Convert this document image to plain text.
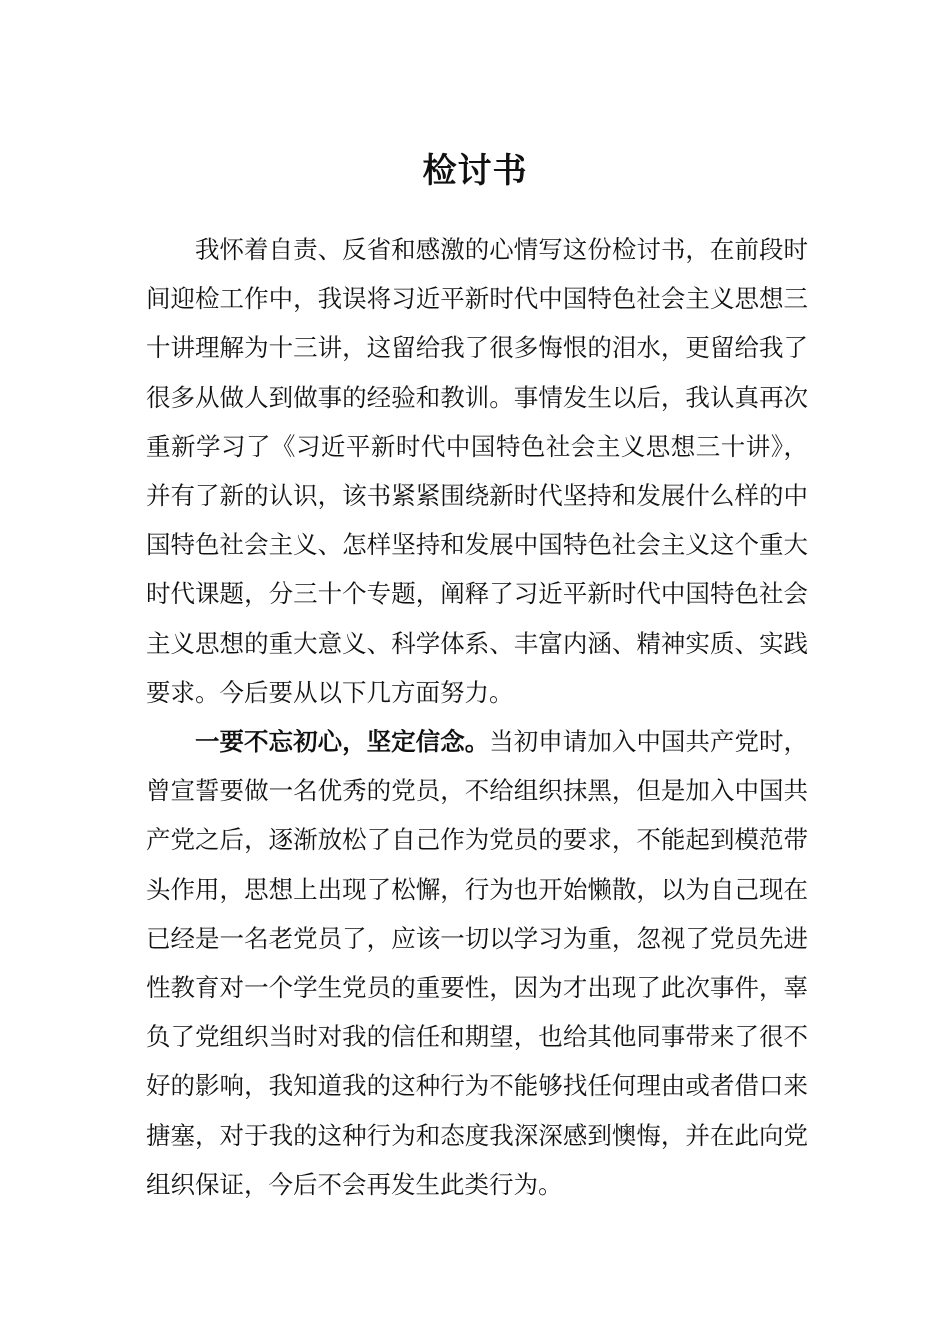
检讨书

我怀着自责、反省和感激的心情写这份检讨书，在前段时间迎检工作中，我误将习近平新时代中国特色社会主义思想三十讲理解为十三讲，这留给我了很多悔恨的泪水，更留给我了很多从做人到做事的经验和教训。事情发生以后，我认真再次重新学习了《习近平新时代中国特色社会主义思想三十讲》，并有了新的认识，该书紧紧围绕新时代坚持和发展什么样的中国特色社会主义、怎样坚持和发展中国特色社会主义这个重大时代课题，分三十个专题，阐释了习近平新时代中国特色社会主义思想的重大意义、科学体系、丰富内涵、精神实质、实践要求。今后要从以下几方面努力。

一要不忘初心，坚定信念。当初申请加入中国共产党时，曾宣誓要做一名优秀的党员，不给组织抹黑，但是加入中国共产党之后，逐渐放松了自己作为党员的要求，不能起到模范带头作用，思想上出现了松懈，行为也开始懒散，以为自己现在已经是一名老党员了，应该一切以学习为重，忽视了党员先进性教育对一个学生党员的重要性，因为才出现了此次事件，辜负了党组织当时对我的信任和期望，也给其他同事带来了很不好的影响，我知道我的这种行为不能够找任何理由或者借口来搪塞，对于我的这种行为和态度我深深感到懊悔，并在此向党组织保证，今后不会再发生此类行为。
